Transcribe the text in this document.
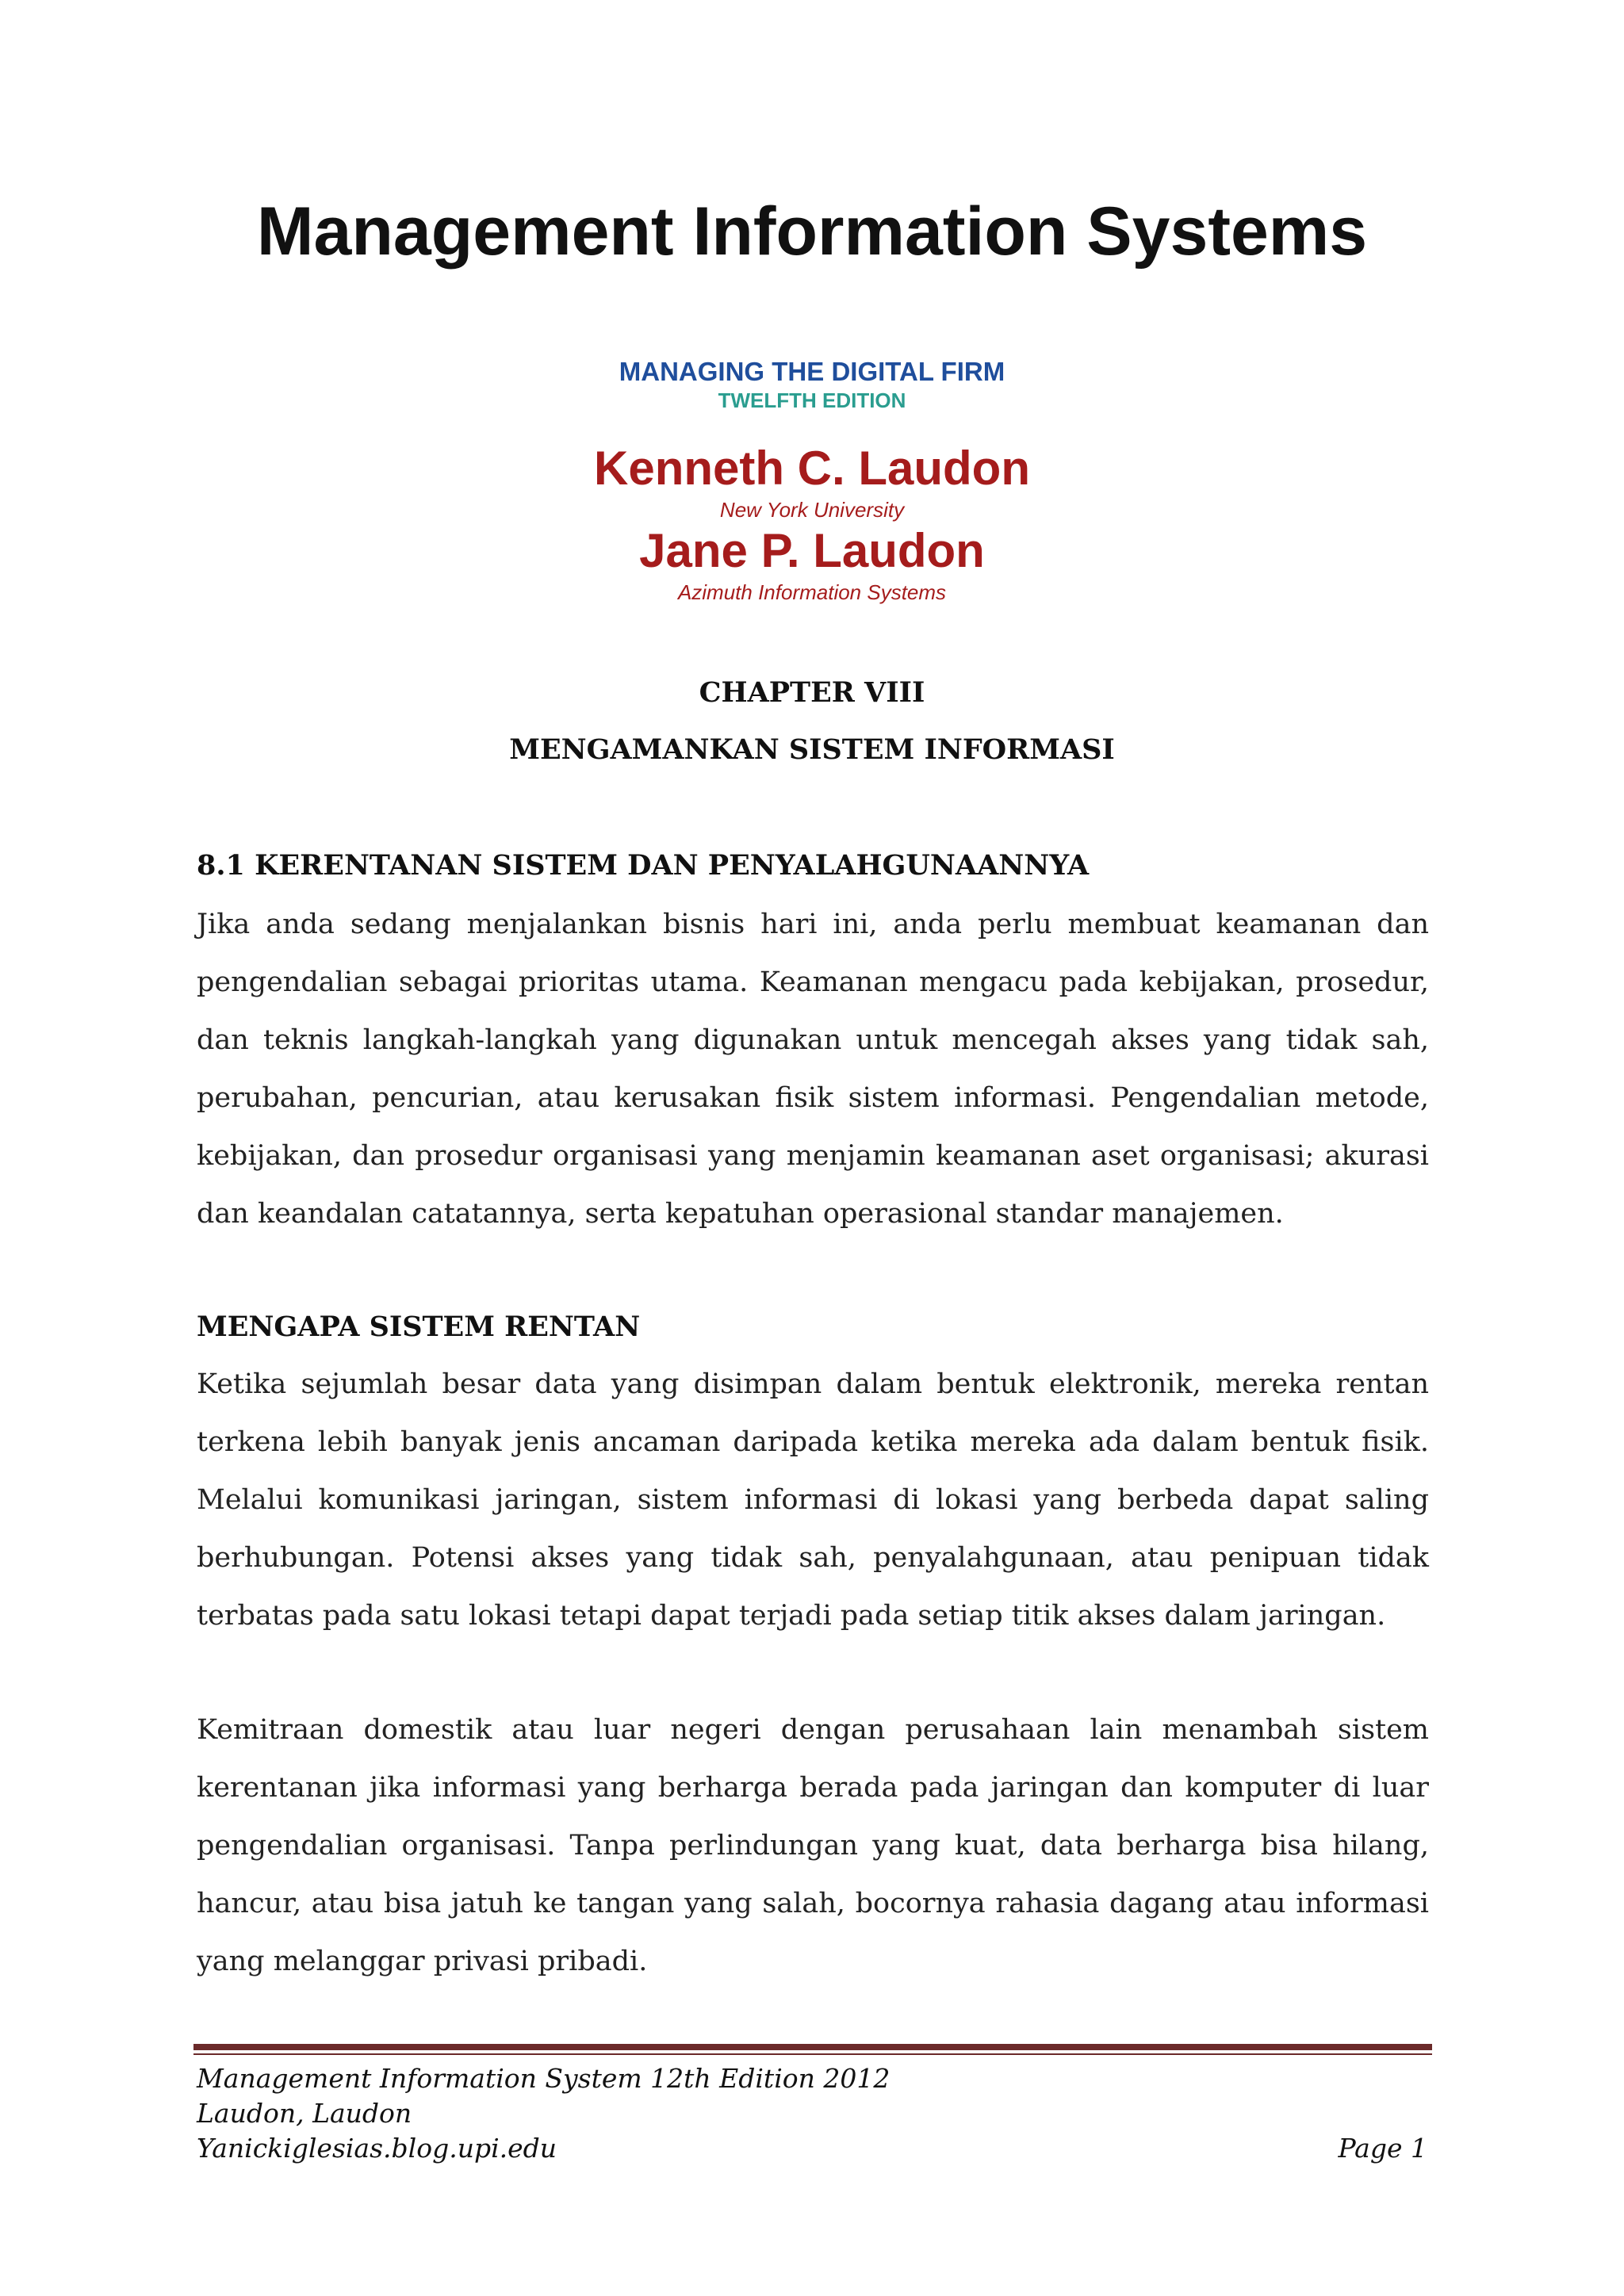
Management Information Systems
MANAGING THE DIGITAL FIRM
TWELFTH EDITION
Kenneth C. Laudon
New York University
Jane P. Laudon
Azimuth Information Systems
CHAPTER VIII
MENGAMANKAN SISTEM INFORMASI
8.1 KERENTANAN SISTEM DAN PENYALAHGUNAANNYA

Jika anda sedang menjalankan bisnis hari ini, anda perlu membuat keamanan dan pengendalian sebagai prioritas utama. Keamanan mengacu pada kebijakan, prosedur, dan teknis langkah-langkah yang digunakan untuk mencegah akses yang tidak sah, perubahan, pencurian, atau kerusakan fisik sistem informasi. Pengendalian metode, kebijakan, dan prosedur organisasi yang menjamin keamanan aset organisasi; akurasi dan keandalan catatannya, serta kepatuhan operasional standar manajemen.

MENGAPA SISTEM RENTAN

Ketika sejumlah besar data yang disimpan dalam bentuk elektronik, mereka rentan terkena lebih banyak jenis ancaman daripada ketika mereka ada dalam bentuk fisik. Melalui komunikasi jaringan, sistem informasi di lokasi yang berbeda dapat saling berhubungan. Potensi akses yang tidak sah, penyalahgunaan, atau penipuan tidak terbatas pada satu lokasi tetapi dapat terjadi pada setiap titik akses dalam jaringan.

Kemitraan domestik atau luar negeri dengan perusahaan lain menambah sistem kerentanan jika informasi yang berharga berada pada jaringan dan komputer di luar pengendalian organisasi. Tanpa perlindungan yang kuat, data berharga bisa hilang, hancur, atau bisa jatuh ke tangan yang salah, bocornya rahasia dagang atau informasi yang melanggar privasi pribadi.

Management Information System 12th Edition 2012
Laudon, Laudon
Yanickiglesias.blog.upi.edu	Page 1
